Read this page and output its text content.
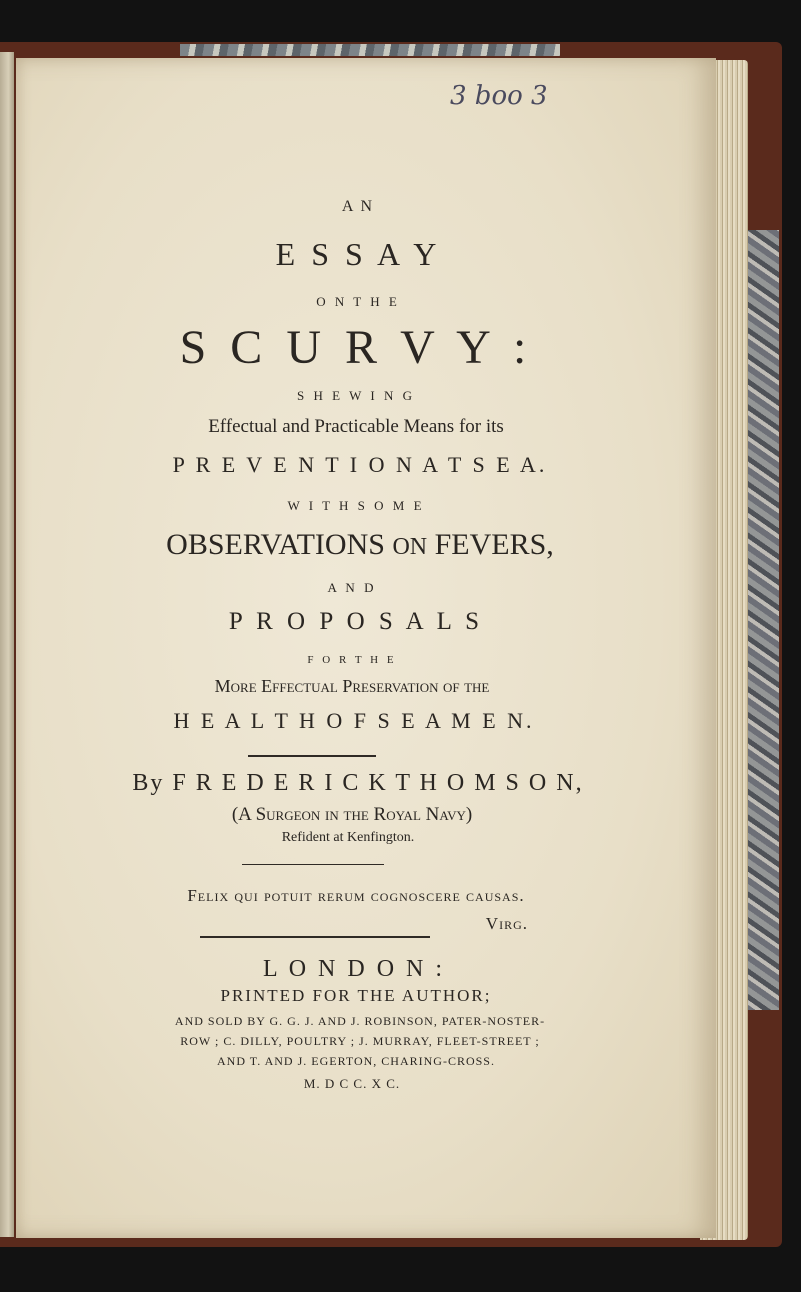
3 boo 3
A N
E S S A Y
O N T H E
S C U R V Y :
S H E W I N G
Effectual and Practicable Means for its
P R E V E N T I O N A T S E A.
W I T H S O M E
OBSERVATIONS ON FEVERS,
A N D
P R O P O S A L S
F O R T H E
More Effectual Preservation of the
H E A L T H O F S E A M E N.
By F R E D E R I C K T H O M S O N,
(A Surgeon in the Royal Navy)
Refident at Kenfington.
Felix qui potuit rerum cognoscere causas.
Virg.
L O N D O N :
PRINTED FOR THE AUTHOR;
AND SOLD BY G. G. J. AND J. ROBINSON, PATER-NOSTER-
ROW ; C. DILLY, POULTRY ; J. MURRAY, FLEET-STREET ;
AND T. AND J. EGERTON, CHARING-CROSS.
M. D C C. X C.
